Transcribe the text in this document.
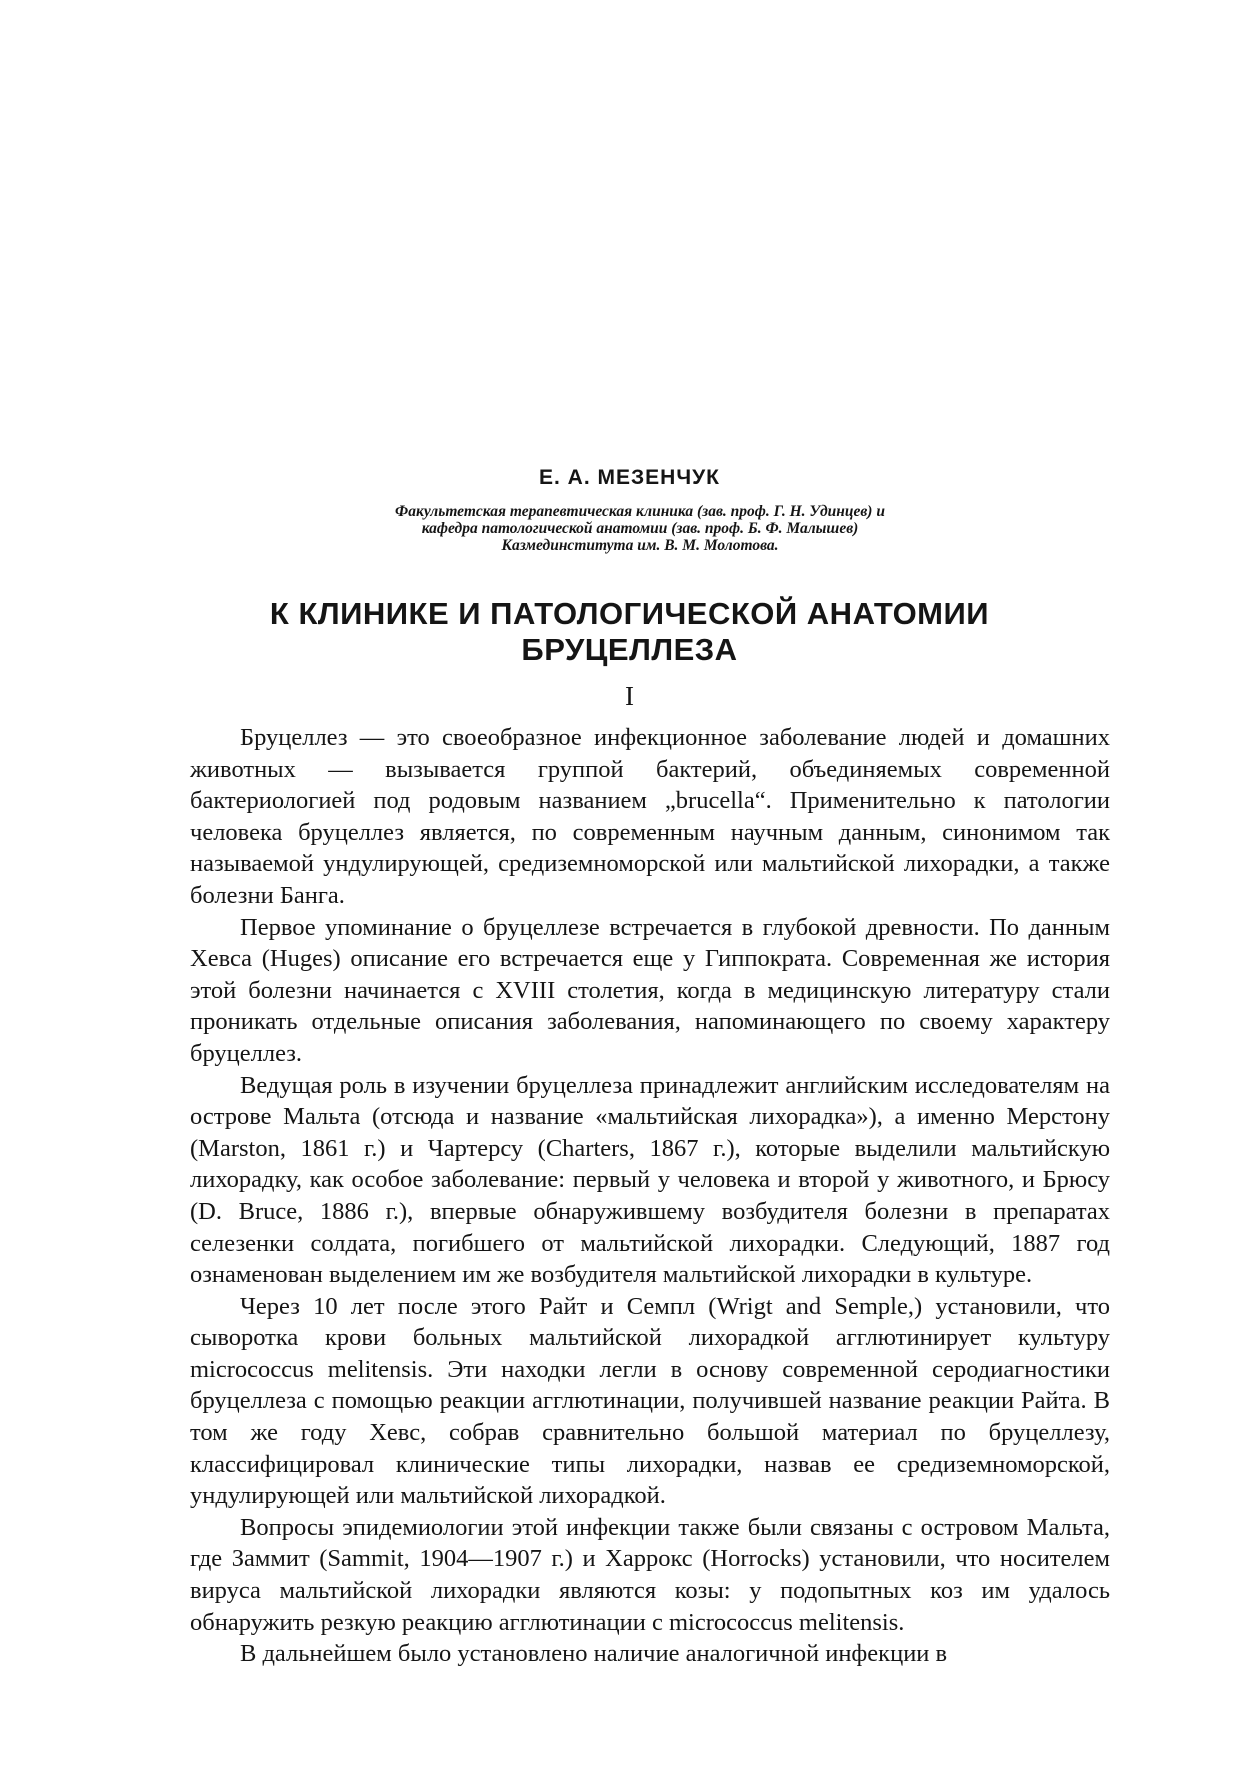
Е. А. МЕЗЕНЧУК
Факультетская терапевтическая клиника (зав. проф. Г. Н. Удинцев) и кафедра патологической анатомии (зав. проф. Б. Ф. Малышев) Казмединститута им. В. М. Молотова.
К КЛИНИКЕ И ПАТОЛОГИЧЕСКОЙ АНАТОМИИ
БРУЦЕЛЛЕЗА
I

Бруцеллез — это своеобразное инфекционное заболевание людей и домашних животных — вызывается группой бактерий, объединяемых современной бактериологией под родовым названием „brucella“. Применительно к патологии человека бруцеллез является, по современным научным данным, синонимом так называемой ундулирующей, средиземноморской или мальтийской лихорадки, а также болезни Банга.

Первое упоминание о бруцеллезе встречается в глубокой древности. По данным Хевса (Huges) описание его встречается еще у Гиппократа. Современная же история этой болезни начинается с XVIII столетия, когда в медицинскую литературу стали проникать отдельные описания заболевания, напоминающего по своему характеру бруцеллез.

Ведущая роль в изучении бруцеллеза принадлежит английским исследователям на острове Мальта (отсюда и название «мальтийская лихорадка»), а именно Мерстону (Marston, 1861 г.) и Чартерсу (Charters, 1867 г.), которые выделили мальтийскую лихорадку, как особое заболевание: первый у человека и второй у животного, и Брюсу (D. Bruce, 1886 г.), впервые обнаружившему возбудителя болезни в препаратах селезенки солдата, погибшего от мальтийской лихорадки. Следующий, 1887 год ознаменован выделением им же возбудителя мальтийской лихорадки в культуре.

Через 10 лет после этого Райт и Семпл (Wrigt and Semple,) установили, что сыворотка крови больных мальтийской лихорадкой агглютинирует культуру micrococcus melitensis. Эти находки легли в основу современной серодиагностики бруцеллеза с помощью реакции агглютинации, получившей название реакции Райта. В том же году Хевс, собрав сравнительно большой материал по бруцеллезу, классифицировал клинические типы лихорадки, назвав ее средиземноморской, ундулирующей или мальтийской лихорадкой.

Вопросы эпидемиологии этой инфекции также были связаны с островом Мальта, где Заммит (Sammit, 1904—1907 г.) и Харрокс (Horrocks) установили, что носителем вируса мальтийской лихорадки являются козы: у подопытных коз им удалось обнаружить резкую реакцию агглютинации с micrococcus melitensis.

В дальнейшем было установлено наличие аналогичной инфекции в
